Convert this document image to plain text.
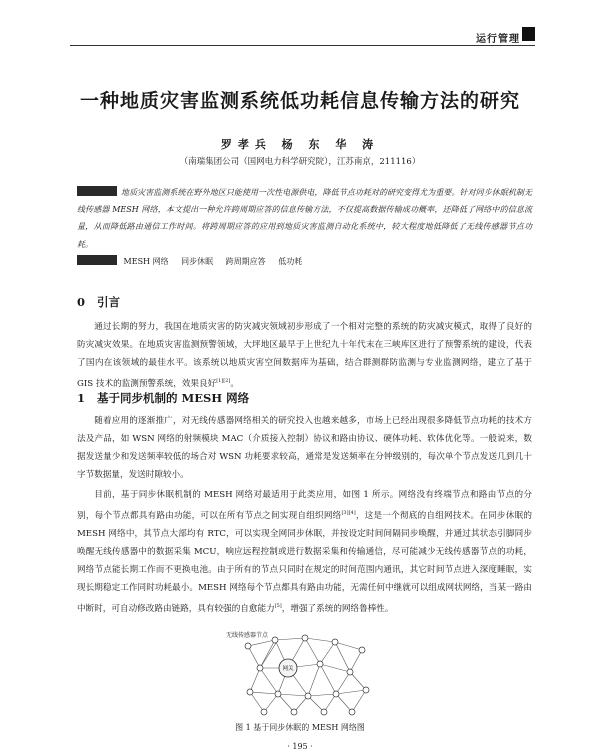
运行管理
一种地质灾害监测系统低功耗信息传输方法的研究
罗孝兵 杨 东 华 涛
（南瑞集团公司（国网电力科学研究院），江苏南京，211116）
地质灾害监测系统在野外地区只能使用一次性电源供电，降低节点功耗对的研究变得尤为重要。针对同步休眠机制无线传感器 MESH 网络，本文提出一种允许跨周期应答的信息传输方法，不仅提高数据传输成功概率，还降低了网络中的信息流量，从而降低路由通信工作时间。将跨周期应答的应用到地质灾害监测自动化系统中，较大程度地低降低了无线传感器节点功耗。
MESH 网络 同步休眠 跨周期应答 低功耗
0 引言
通过长期的努力，我国在地质灾害的防灾减灾领域初步形成了一个相对完整的系统的防灾减灾模式，取得了良好的防灾减灾效果。在地质灾害监测预警领域，大坪地区最早于上世纪九十年代末在三峡库区进行了预警系统的建设，代表了国内在该领域的最佳水平。该系统以地质灾害空间数据库为基础，结合群测群防监测与专业监测网络，建立了基于 GIS 技术的监测预警系统，效果良好[1][2]。
1 基于同步机制的 MESH 网络
随着应用的逐渐推广，对无线传感器网络相关的研究投入也越来越多，市场上已经出现很多降低节点功耗的技术方法及产品，如 WSN 网络的射频模块 MAC（介质接入控制）协议和路由协议、硬体功耗、软体优化等。一般说来，数据发送量少和发送频率较低的场合对 WSN 功耗要求较高，通常是发送频率在分钟级别的，每次单个节点发送几到几十字节数据量，发送时隙较小。
目前，基于同步休眠机制的 MESH 网络对最适用于此类应用，如图 1 所示。网络没有终端节点和路由节点的分别，每个节点都具有路由功能，可以在所有节点之间实现自组织网络[3][4]，这是一个彻底的自组网技术。在同步休眠的 MESH 网络中，其节点大部均有 RTC，可以实现全网同步休眠，并按设定时间间隔同步唤醒，并通过其状态引脚同步唤醒无线传感器中的数据采集 MCU，响应远程控制或进行数据采集和传输通信，尽可能减少无线传感器节点的功耗，网络节点能长期工作而不更换电池。由于所有的节点只同时在规定的时间范围内通讯，其它时间节点进入深度睡眠，实现长期稳定工作同时功耗最小。MESH 网络每个节点都具有路由功能，无需任何中继就可以组成网状网络，当某一路由中断时，可自动修改路由链路，具有较强的自愈能力[5]，增强了系统的网络鲁棒性。
无线传感器节点
网关
图 1 基于同步休眠的 MESH 网络图
· 195 ·
